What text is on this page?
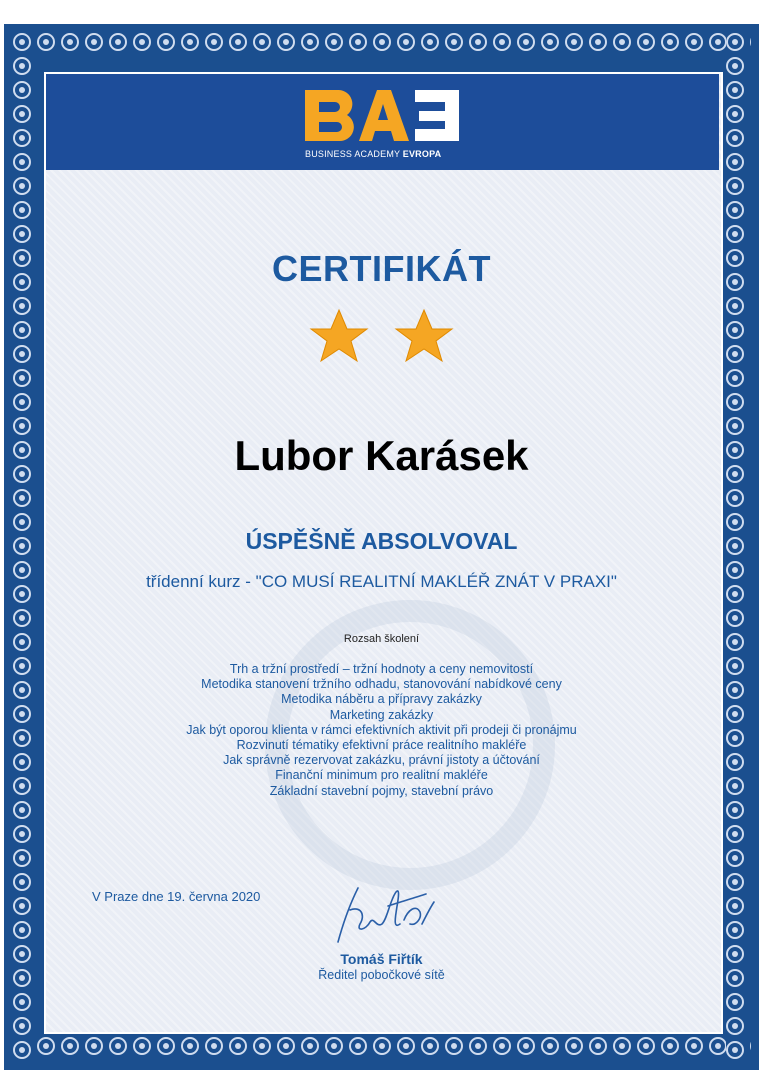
BUSINESS ACADEMY EVROPA
CERTIFIKÁT
Lubor Karásek
ÚSPĚŠNĚ ABSOLVOVAL
třídenní kurz - "CO MUSÍ REALITNÍ MAKLÉŘ ZNÁT V PRAXI"
Rozsah školení
Trh a tržní prostředí – tržní hodnoty a ceny nemovitostí
Metodika stanovení tržního odhadu, stanovování nabídkové ceny
Metodika náběru a přípravy zakázky
Marketing zakázky
Jak být oporou klienta v rámci efektivních aktivit při prodeji či pronájmu
Rozvinutí tématiky efektivní práce realitního makléře
Jak správně rezervovat zakázku, právní jistoty a účtování
Finanční minimum pro realitní makléře
Základní stavební pojmy, stavební právo
V Praze dne 19. června 2020
Tomáš Fiřtík
Ředitel pobočkové sítě
